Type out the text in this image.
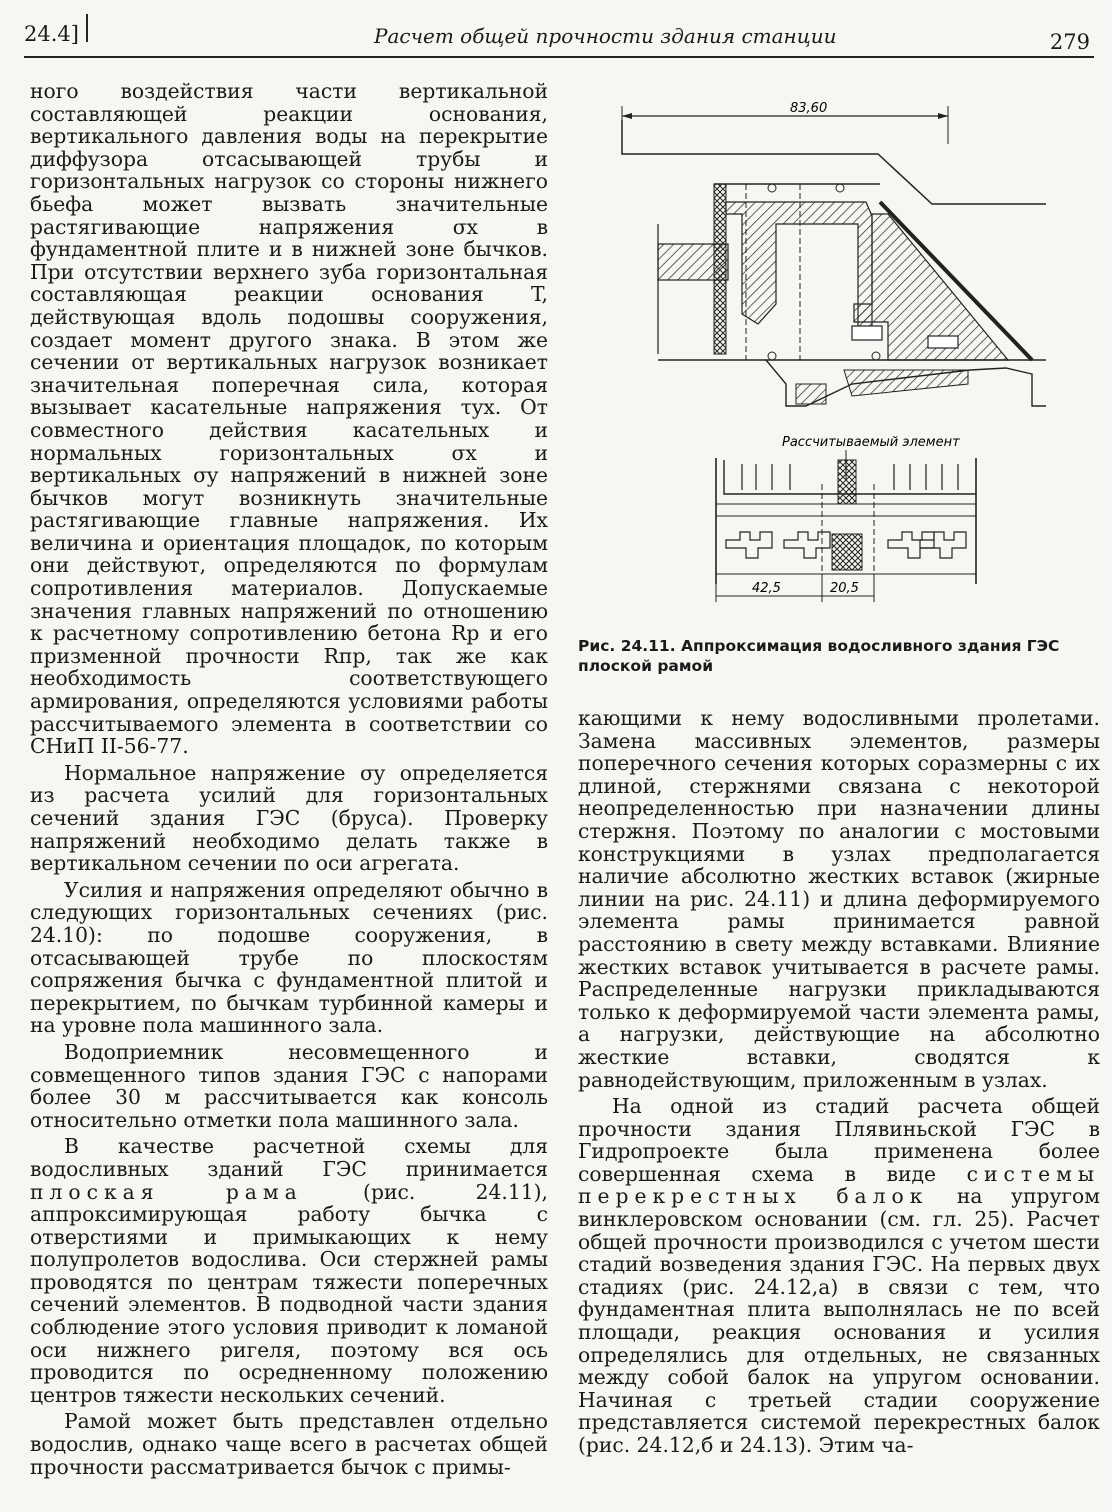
24.4]	Расчет общей прочности здания станции	279

ного воздействия части вертикальной составляющей реакции основания, вертикального давления воды на перекрытие диффузора отсасывающей трубы и горизонтальных нагрузок со стороны нижнего бьефа может вызвать значительные растягивающие напряжения σx в фундаментной плите и в нижней зоне бычков. При отсутствии верхнего зуба горизонтальная составляющая реакции основания T, действующая вдоль подошвы сооружения, создает момент другого знака. В этом же сечении от вертикальных нагрузок возникает значительная поперечная сила, которая вызывает касательные напряжения τyx. От совместного действия касательных и нормальных горизонтальных σx и вертикальных σy напряжений в нижней зоне бычков могут возникнуть значительные растягивающие главные напряжения. Их величина и ориентация площадок, по которым они действуют, определяются по формулам сопротивления материалов. Допускаемые значения главных напряжений по отношению к расчетному сопротивлению бетона Rр и его призменной прочности Rпр, так же как необходимость соответствующего армирования, определяются условиями работы рассчитываемого элемента в соответствии со СНиП II-56-77.

Нормальное напряжение σy определяется из расчета усилий для горизонтальных сечений здания ГЭС (бруса). Проверку напряжений необходимо делать также в вертикальном сечении по оси агрегата.

Усилия и напряжения определяют обычно в следующих горизонтальных сечениях (рис. 24.10): по подошве сооружения, в отсасывающей трубе по плоскостям сопряжения бычка с фундаментной плитой и перекрытием, по бычкам турбинной камеры и на уровне пола машинного зала.

Водоприемник несовмещенного и совмещенного типов здания ГЭС с напорами более 30 м рассчитывается как консоль относительно отметки пола машинного зала.

В качестве расчетной схемы для водосливных зданий ГЭС принимается плоская рама (рис. 24.11), аппроксимирующая работу бычка с отверстиями и примыкающих к нему полупролетов водослива. Оси стержней рамы проводятся по центрам тяжести поперечных сечений элементов. В подводной части здания соблюдение этого условия приводит к ломаной оси нижнего ригеля, поэтому вся ось проводится по осредненному положению центров тяжести нескольких сечений.

Рамой может быть представлен отдельно водослив, однако чаще всего в расчетах общей прочности рассматривается бычок с примы-

83,60
Рассчитываемый элемент
42,5	20,5
Рис. 24.11. Аппроксимация водосливного здания ГЭС плоской рамой

кающими к нему водосливными пролетами. Замена массивных элементов, размеры поперечного сечения которых соразмерны с их длиной, стержнями связана с некоторой неопределенностью при назначении длины стержня. Поэтому по аналогии с мостовыми конструкциями в узлах предполагается наличие абсолютно жестких вставок (жирные линии на рис. 24.11) и длина деформируемого элемента рамы принимается равной расстоянию в свету между вставками. Влияние жестких вставок учитывается в расчете рамы. Распределенные нагрузки прикладываются только к деформируемой части элемента рамы, а нагрузки, действующие на абсолютно жесткие вставки, сводятся к равнодействующим, приложенным в узлах.

На одной из стадий расчета общей прочности здания Плявиньской ГЭС в Гидропроекте была применена более совершенная схема в виде системы перекрестных балок на упругом винклеровском основании (см. гл. 25). Расчет общей прочности производился с учетом шести стадий возведения здания ГЭС. На первых двух стадиях (рис. 24.12,а) в связи с тем, что фундаментная плита выполнялась не по всей площади, реакция основания и усилия определялись для отдельных, не связанных между собой балок на упругом основании. Начиная с третьей стадии сооружение представляется системой перекрестных балок (рис. 24.12,б и 24.13). Этим ча-
